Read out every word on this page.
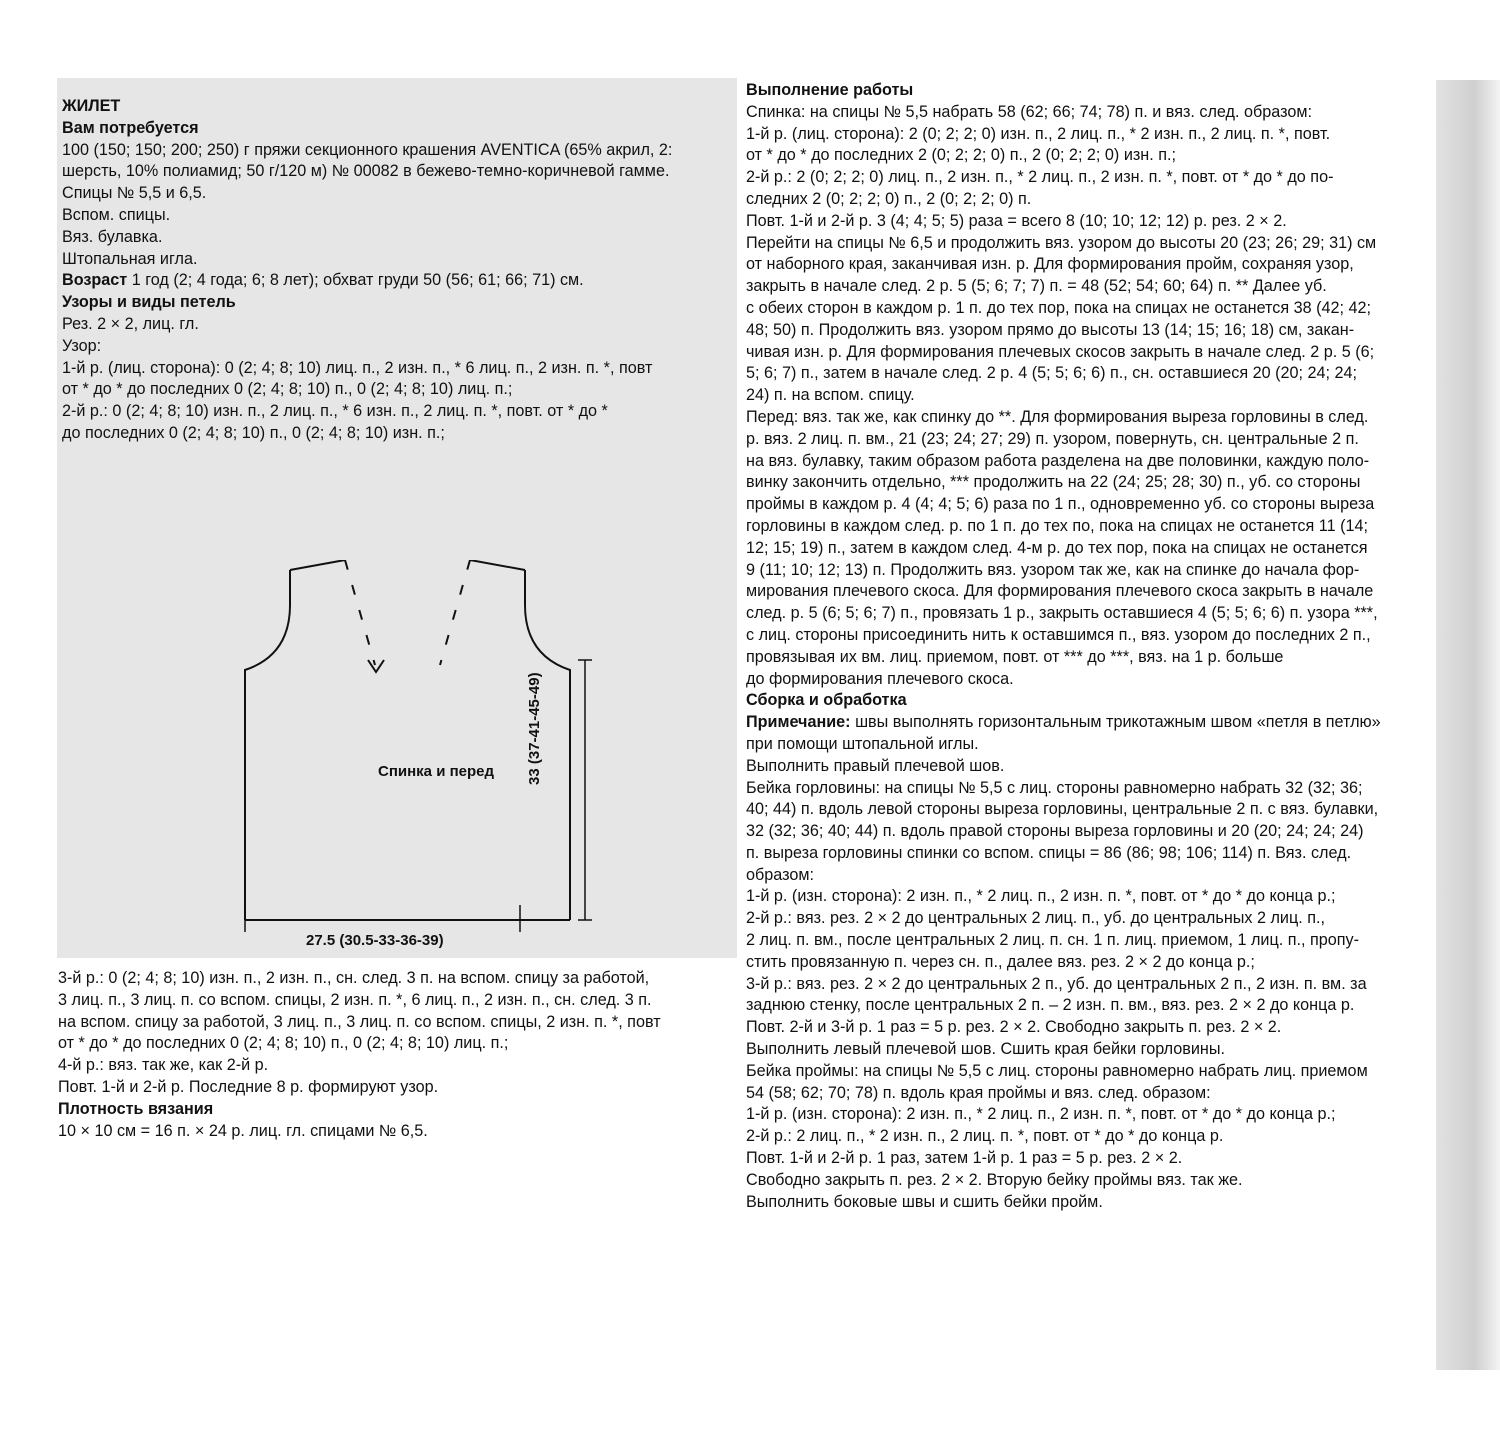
ЖИЛЕТ
Вам потребуется
100 (150; 150; 200; 250) г пряжи секционного крашения AVENTICA (65% акрил, 2:
шерсть, 10% полиамид; 50 г/120 м) № 00082 в бежево-темно-коричневой гамме.
Спицы № 5,5 и 6,5.
Вспом. спицы.
Вяз. булавка.
Штопальная игла.
Возраст 1 год (2; 4 года; 6; 8 лет); обхват груди 50 (56; 61; 66; 71) см.
Узоры и виды петель
Рез. 2 × 2, лиц. гл.
Узор:
1-й р. (лиц. сторона): 0 (2; 4; 8; 10) лиц. п., 2 изн. п., * 6 лиц. п., 2 изн. п. *, повт
от * до * до последних 0 (2; 4; 8; 10) п., 0 (2; 4; 8; 10) лиц. п.;
2-й р.: 0 (2; 4; 8; 10) изн. п., 2 лиц. п., * 6 изн. п., 2 лиц. п. *, повт. от * до *
до последних 0 (2; 4; 8; 10) п., 0 (2; 4; 8; 10) изн. п.;
Спинка и перед
27.5 (30.5-33-36-39)
33 (37-41-45-49)
3-й р.: 0 (2; 4; 8; 10) изн. п., 2 изн. п., сн. след. 3 п. на вспом. спицу за работой,
3 лиц. п., 3 лиц. п. со вспом. спицы, 2 изн. п. *, 6 лиц. п., 2 изн. п., сн. след. 3 п.
на вспом. спицу за работой, 3 лиц. п., 3 лиц. п. со вспом. спицы, 2 изн. п. *, повт
от * до * до последних 0 (2; 4; 8; 10) п., 0 (2; 4; 8; 10) лиц. п.;
4-й р.: вяз. так же, как 2-й р.
Повт. 1-й и 2-й р. Последние 8 р. формируют узор.
Плотность вязания
10 × 10 см = 16 п. × 24 р. лиц. гл. спицами № 6,5.
Выполнение работы
Спинка: на спицы № 5,5 набрать 58 (62; 66; 74; 78) п. и вяз. след. образом:
1-й р. (лиц. сторона): 2 (0; 2; 2; 0) изн. п., 2 лиц. п., * 2 изн. п., 2 лиц. п. *, повт.
от * до * до последних 2 (0; 2; 2; 0) п., 2 (0; 2; 2; 0) изн. п.;
2-й р.: 2 (0; 2; 2; 0) лиц. п., 2 изн. п., * 2 лиц. п., 2 изн. п. *, повт. от * до * до по-
следних 2 (0; 2; 2; 0) п., 2 (0; 2; 2; 0) п.
Повт. 1-й и 2-й р. 3 (4; 4; 5; 5) раза = всего 8 (10; 10; 12; 12) р. рез. 2 × 2.
Перейти на спицы № 6,5 и продолжить вяз. узором до высоты 20 (23; 26; 29; 31) см
от наборного края, заканчивая изн. р. Для формирования пройм, сохраняя узор,
закрыть в начале след. 2 р. 5 (5; 6; 7; 7) п. = 48 (52; 54; 60; 64) п. ** Далее уб.
с обеих сторон в каждом р. 1 п. до тех пор, пока на спицах не останется 38 (42; 42;
48; 50) п. Продолжить вяз. узором прямо до высоты 13 (14; 15; 16; 18) см, закан-
чивая изн. р. Для формирования плечевых скосов закрыть в начале след. 2 р. 5 (6;
5; 6; 7) п., затем в начале след. 2 р. 4 (5; 5; 6; 6) п., сн. оставшиеся 20 (20; 24; 24;
24) п. на вспом. спицу.
Перед: вяз. так же, как спинку до **. Для формирования выреза горловины в след.
р. вяз. 2 лиц. п. вм., 21 (23; 24; 27; 29) п. узором, повернуть, сн. центральные 2 п.
на вяз. булавку, таким образом работа разделена на две половинки, каждую поло-
винку закончить отдельно, *** продолжить на 22 (24; 25; 28; 30) п., уб. со стороны
проймы в каждом р. 4 (4; 4; 5; 6) раза по 1 п., одновременно уб. со стороны выреза
горловины в каждом след. р. по 1 п. до тех по, пока на спицах не останется 11 (14;
12; 15; 19) п., затем в каждом след. 4-м р. до тех пор, пока на спицах не останется
9 (11; 10; 12; 13) п. Продолжить вяз. узором так же, как на спинке до начала фор-
мирования плечевого скоса. Для формирования плечевого скоса закрыть в начале
след. р. 5 (6; 5; 6; 7) п., провязать 1 р., закрыть оставшиеся 4 (5; 5; 6; 6) п. узора ***,
с лиц. стороны присоединить нить к оставшимся п., вяз. узором до последних 2 п.,
провязывая их вм. лиц. приемом, повт. от *** до ***, вяз. на 1 р. больше
до формирования плечевого скоса.
Сборка и обработка
Примечание: швы выполнять горизонтальным трикотажным швом «петля в петлю»
при помощи штопальной иглы.
Выполнить правый плечевой шов.
Бейка горловины: на спицы № 5,5 с лиц. стороны равномерно набрать 32 (32; 36;
40; 44) п. вдоль левой стороны выреза горловины, центральные 2 п. с вяз. булавки,
32 (32; 36; 40; 44) п. вдоль правой стороны выреза горловины и 20 (20; 24; 24; 24)
п. выреза горловины спинки со вспом. спицы = 86 (86; 98; 106; 114) п. Вяз. след.
образом:
1-й р. (изн. сторона): 2 изн. п., * 2 лиц. п., 2 изн. п. *, повт. от * до * до конца р.;
2-й р.: вяз. рез. 2 × 2 до центральных 2 лиц. п., уб. до центральных 2 лиц. п.,
2 лиц. п. вм., после центральных 2 лиц. п. сн. 1 п. лиц. приемом, 1 лиц. п., пропу-
стить провязанную п. через сн. п., далее вяз. рез. 2 × 2 до конца р.;
3-й р.: вяз. рез. 2 × 2 до центральных 2 п., уб. до центральных 2 п., 2 изн. п. вм. за
заднюю стенку, после центральных 2 п. – 2 изн. п. вм., вяз. рез. 2 × 2 до конца р.
Повт. 2-й и 3-й р. 1 раз = 5 р. рез. 2 × 2. Свободно закрыть п. рез. 2 × 2.
Выполнить левый плечевой шов. Сшить края бейки горловины.
Бейка проймы: на спицы № 5,5 с лиц. стороны равномерно набрать лиц. приемом
54 (58; 62; 70; 78) п. вдоль края проймы и вяз. след. образом:
1-й р. (изн. сторона): 2 изн. п., * 2 лиц. п., 2 изн. п. *, повт. от * до * до конца р.;
2-й р.: 2 лиц. п., * 2 изн. п., 2 лиц. п. *, повт. от * до * до конца р.
Повт. 1-й и 2-й р. 1 раз, затем 1-й р. 1 раз = 5 р. рез. 2 × 2.
Свободно закрыть п. рез. 2 × 2. Вторую бейку проймы вяз. так же.
Выполнить боковые швы и сшить бейки пройм.
